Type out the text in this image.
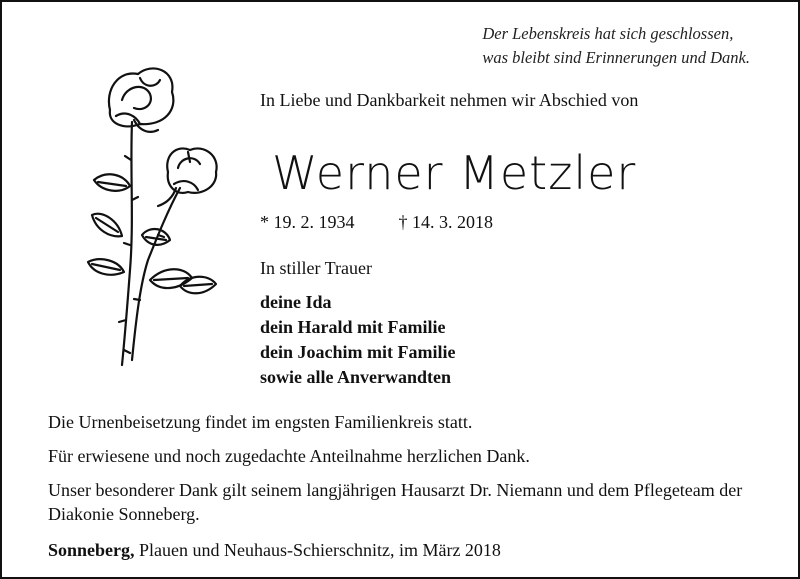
Der Lebenskreis hat sich geschlossen,
was bleibt sind Erinnerungen und Dank.
In Liebe und Dankbarkeit nehmen wir Abschied von
Werner Metzler
* 19. 2. 1934 † 14. 3. 2018
In stiller Trauer
deine Ida
dein Harald mit Familie
dein Joachim mit Familie
sowie alle Anverwandten

Die Urnenbeisetzung findet im engsten Familienkreis statt.

Für erwiesene und noch zugedachte Anteilnahme herzlichen Dank.

Unser besonderer Dank gilt seinem langjährigen Hausarzt Dr. Niemann und dem Pflegeteam der Diakonie Sonneberg.

Sonneberg, Plauen und Neuhaus-Schierschnitz, im März 2018
